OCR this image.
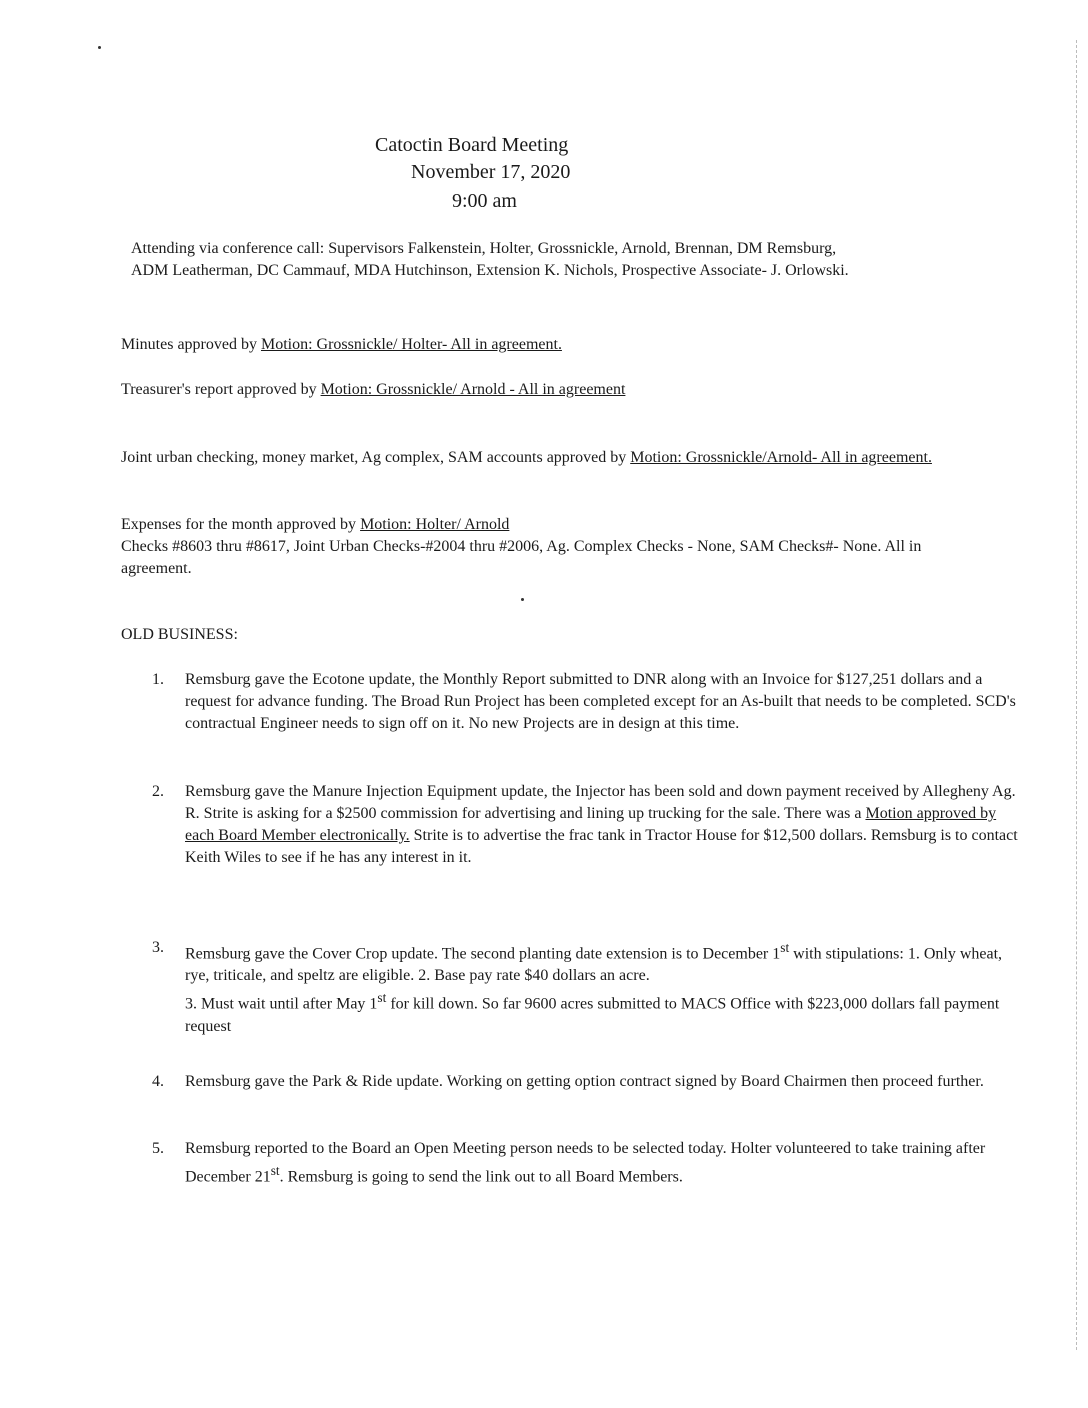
Catoctin Board Meeting
November 17, 2020
9:00 am
Attending via conference call: Supervisors Falkenstein, Holter, Grossnickle, Arnold, Brennan, DM Remsburg, ADM Leatherman, DC Cammauf, MDA Hutchinson, Extension K. Nichols, Prospective Associate- J. Orlowski.
Minutes approved by Motion: Grossnickle/ Holter- All in agreement.
Treasurer's report approved by Motion: Grossnickle/ Arnold - All in agreement
Joint urban checking, money market, Ag complex, SAM accounts approved by Motion: Grossnickle/Arnold- All in agreement.
Expenses for the month approved by Motion: Holter/ Arnold
Checks #8603 thru #8617, Joint Urban Checks-#2004 thru #2006, Ag. Complex Checks - None, SAM Checks#- None. All in agreement.
OLD BUSINESS:
1.	Remsburg gave the Ecotone update, the Monthly Report submitted to DNR along with an Invoice for $127,251 dollars and a request for advance funding. The Broad Run Project has been completed except for an As-built that needs to be completed. SCD's contractual Engineer needs to sign off on it. No new Projects are in design at this time.
2.	Remsburg gave the Manure Injection Equipment update, the Injector has been sold and down payment received by Allegheny Ag. R. Strite is asking for a $2500 commission for advertising and lining up trucking for the sale. There was a Motion approved by each Board Member electronically. Strite is to advertise the frac tank in Tractor House for $12,500 dollars. Remsburg is to contact Keith Wiles to see if he has any interest in it.
3.	Remsburg gave the Cover Crop update. The second planting date extension is to December 1st with stipulations: 1. Only wheat, rye, triticale, and speltz are eligible. 2. Base pay rate $40 dollars an acre.
3. Must wait until after May 1st for kill down. So far 9600 acres submitted to MACS Office with $223,000 dollars fall payment request
4.	Remsburg gave the Park & Ride update. Working on getting option contract signed by Board Chairmen then proceed further.
5.	Remsburg reported to the Board an Open Meeting person needs to be selected today. Holter volunteered to take training after December 21st. Remsburg is going to send the link out to all Board Members.
